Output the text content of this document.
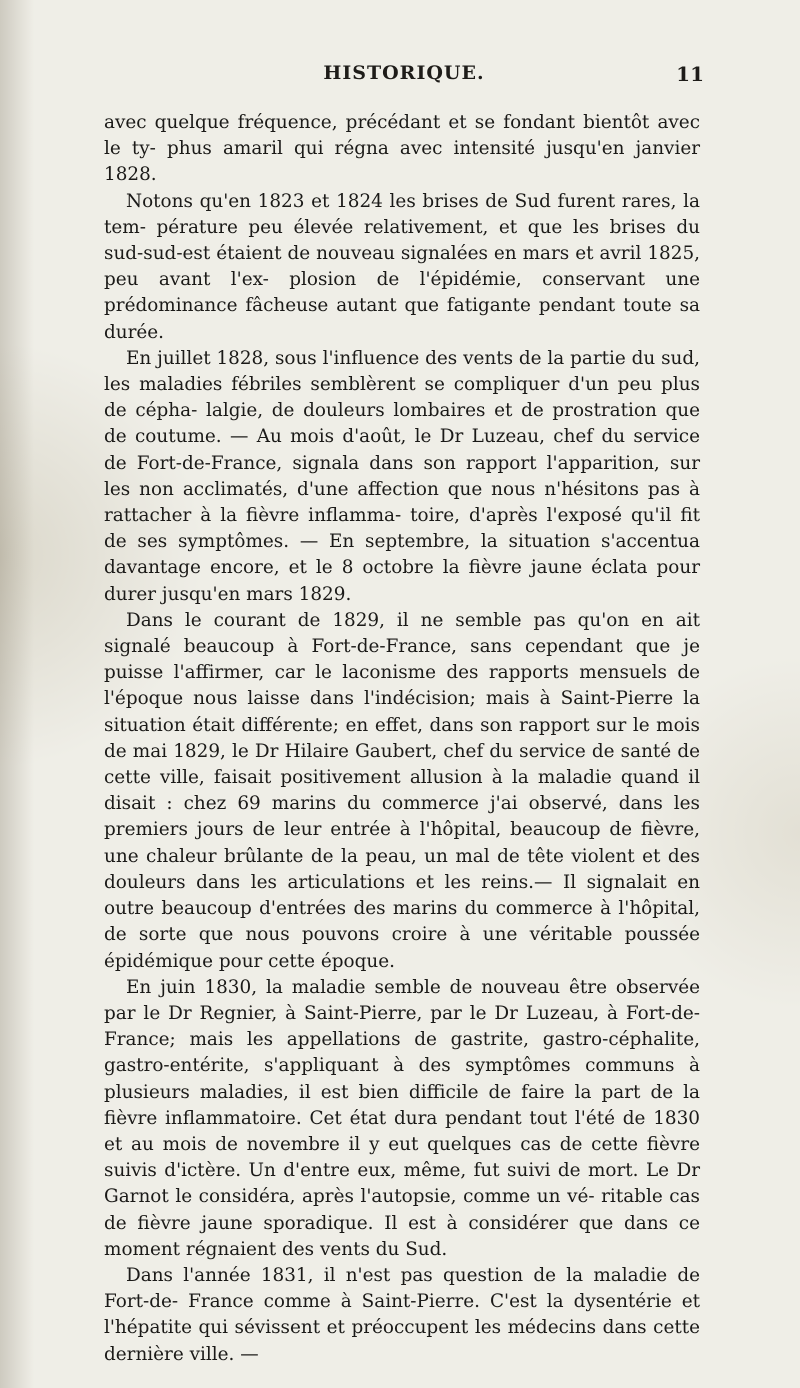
HISTORIQUE.	11

avec quelque fréquence, précédant et se fondant bientôt avec le ty- phus amaril qui régna avec intensité jusqu'en janvier 1828.

Notons qu'en 1823 et 1824 les brises de Sud furent rares, la tem- pérature peu élevée relativement, et que les brises du sud-sud-est étaient de nouveau signalées en mars et avril 1825, peu avant l'ex- plosion de l'épidémie, conservant une prédominance fâcheuse autant que fatigante pendant toute sa durée.

En juillet 1828, sous l'influence des vents de la partie du sud, les maladies fébriles semblèrent se compliquer d'un peu plus de cépha- lalgie, de douleurs lombaires et de prostration que de coutume. — Au mois d'août, le Dr Luzeau, chef du service de Fort-de-France, signala dans son rapport l'apparition, sur les non acclimatés, d'une affection que nous n'hésitons pas à rattacher à la fièvre inflamma- toire, d'après l'exposé qu'il fit de ses symptômes. — En septembre, la situation s'accentua davantage encore, et le 8 octobre la fièvre jaune éclata pour durer jusqu'en mars 1829.

Dans le courant de 1829, il ne semble pas qu'on en ait signalé beaucoup à Fort-de-France, sans cependant que je puisse l'affirmer, car le laconisme des rapports mensuels de l'époque nous laisse dans l'indécision; mais à Saint-Pierre la situation était différente; en effet, dans son rapport sur le mois de mai 1829, le Dr Hilaire Gaubert, chef du service de santé de cette ville, faisait positivement allusion à la maladie quand il disait : chez 69 marins du commerce j'ai observé, dans les premiers jours de leur entrée à l'hôpital, beaucoup de fièvre, une chaleur brûlante de la peau, un mal de tête violent et des douleurs dans les articulations et les reins.— Il signalait en outre beaucoup d'entrées des marins du commerce à l'hôpital, de sorte que nous pouvons croire à une véritable poussée épidémique pour cette époque.

En juin 1830, la maladie semble de nouveau être observée par le Dr Regnier, à Saint-Pierre, par le Dr Luzeau, à Fort-de-France; mais les appellations de gastrite, gastro-céphalite, gastro-entérite, s'appliquant à des symptômes communs à plusieurs maladies, il est bien difficile de faire la part de la fièvre inflammatoire. Cet état dura pendant tout l'été de 1830 et au mois de novembre il y eut quelques cas de cette fièvre suivis d'ictère. Un d'entre eux, même, fut suivi de mort. Le Dr Garnot le considéra, après l'autopsie, comme un vé- ritable cas de fièvre jaune sporadique. Il est à considérer que dans ce moment régnaient des vents du Sud.

Dans l'année 1831, il n'est pas question de la maladie de Fort-de- France comme à Saint-Pierre. C'est la dysentérie et l'hépatite qui sévissent et préoccupent les médecins dans cette dernière ville. —
